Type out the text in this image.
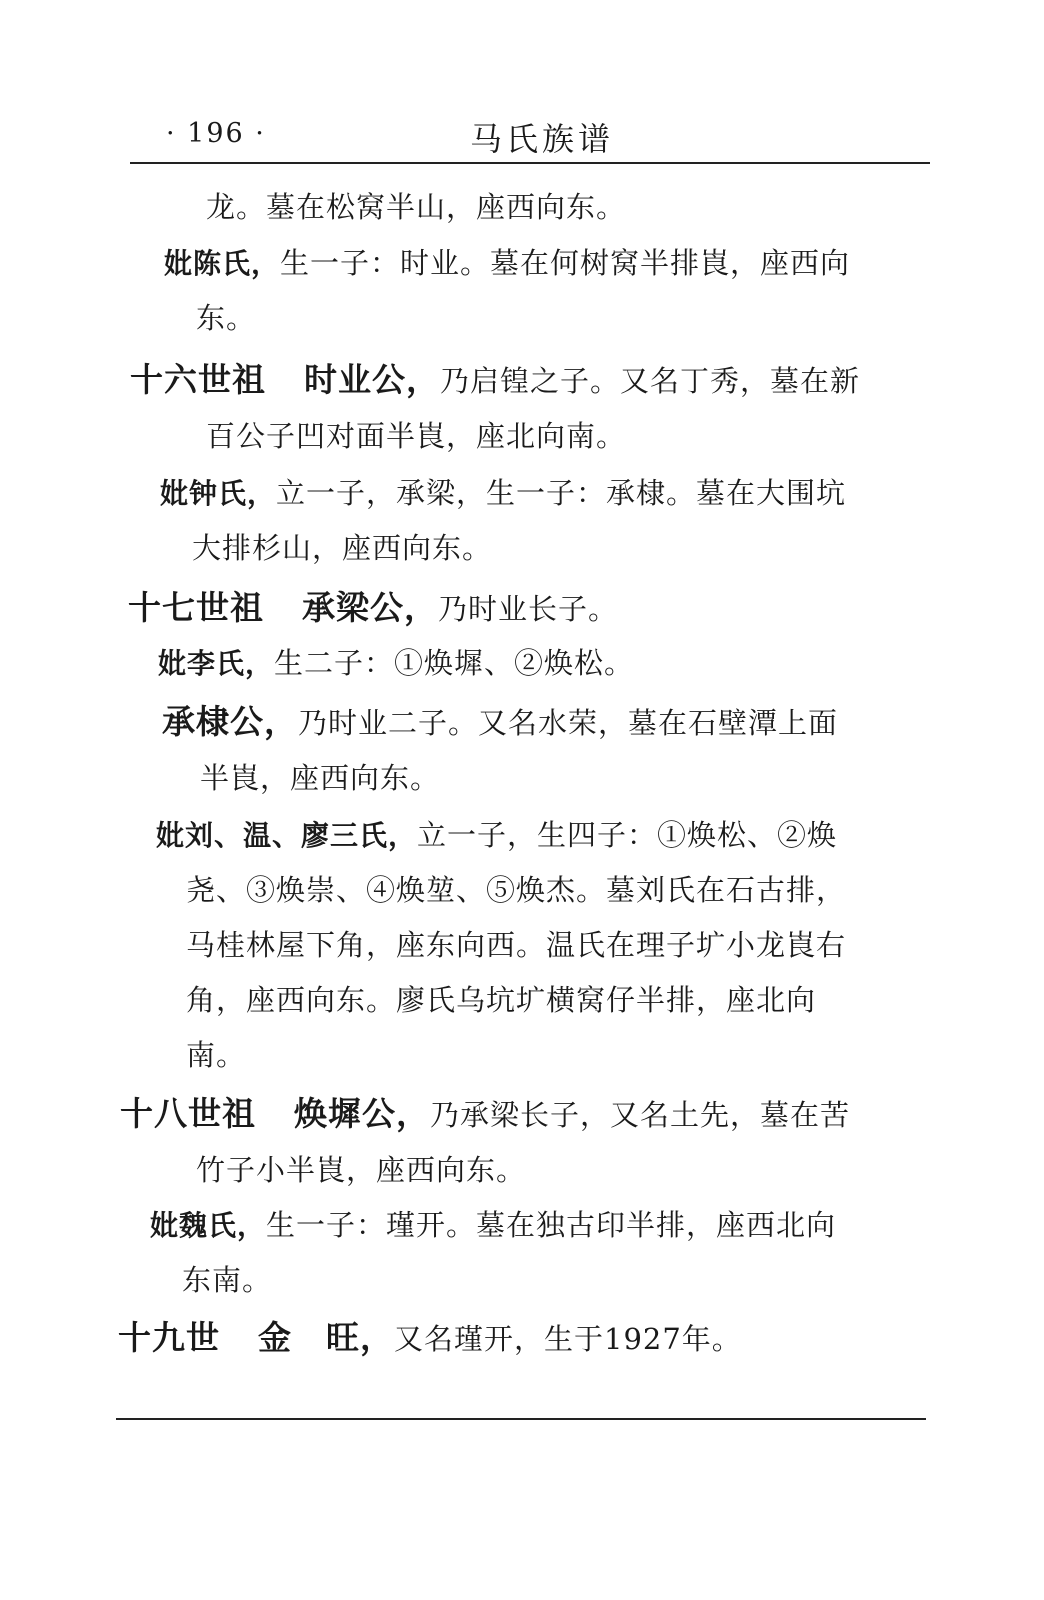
· 196 ·	马氏族谱
龙。墓在松窝半山，座西向东。
妣陈氏，生一子：时业。墓在何树窝半排崀，座西向
东。
十六世祖 时业公，乃启锽之子。又名丁秀，墓在新
百公子凹对面半崀，座北向南。
妣钟氏，立一子，承梁，生一子：承棣。墓在大围坑
大排杉山，座西向东。
十七世祖 承梁公，乃时业长子。
妣李氏，生二子：①焕墀、②焕松。
承棣公，乃时业二子。又名水荣，墓在石壁潭上面
半崀，座西向东。
妣刘、温、廖三氏，立一子，生四子：①焕松、②焕
尧、③焕崇、④焕堃、⑤焕杰。墓刘氏在石古排，
马桂林屋下角，座东向西。温氏在理子圹小龙崀右
角，座西向东。廖氏乌坑圹横窝仔半排，座北向
南。
十八世祖 焕墀公，乃承梁长子，又名土先，墓在苦
竹子小半崀，座西向东。
妣魏氏，生一子：瑾开。墓在独古印半排，座西北向
东南。
十九世 金　旺，又名瑾开，生于1927年。
